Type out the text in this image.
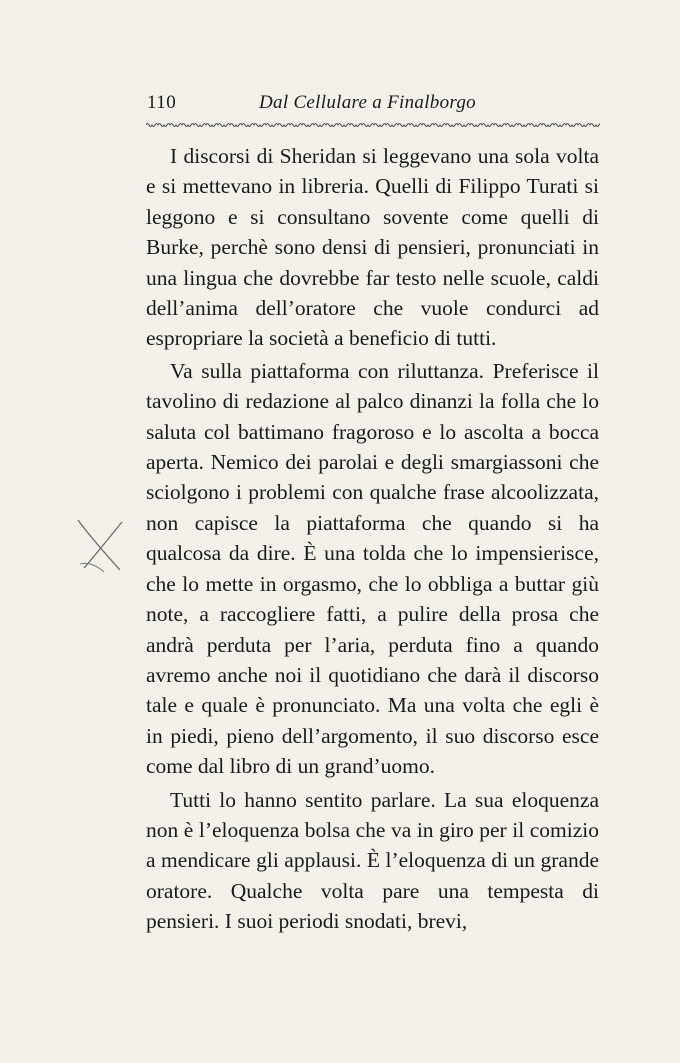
110	Dal Cellulare a Finalborgo

I discorsi di Sheridan si leggevano una sola volta e si mettevano in libreria. Quelli di Filippo Turati si leggono e si consultano sovente come quelli di Burke, perchè sono densi di pensieri, pronunciati in una lingua che dovrebbe far testo nelle scuole, caldi dell’anima dell’oratore che vuole condurci ad espropriare la società a beneficio di tutti.

Va sulla piattaforma con riluttanza. Preferisce il tavolino di redazione al palco dinanzi la folla che lo saluta col battimano fragoroso e lo ascolta a bocca aperta. Nemico dei parolai e degli smargiassoni che sciolgono i problemi con qualche frase alcoolizzata, non capisce la piattaforma che quando si ha qualcosa da dire. È una tolda che lo impensierisce, che lo mette in orgasmo, che lo obbliga a buttar giù note, a raccogliere fatti, a pulire della prosa che andrà perduta per l’aria, perduta fino a quando avremo anche noi il quotidiano che darà il discorso tale e quale è pronunciato. Ma una volta che egli è in piedi, pieno dell’argomento, il suo discorso esce come dal libro di un grand’uomo.

Tutti lo hanno sentito parlare. La sua eloquenza non è l’eloquenza bolsa che va in giro per il comizio a mendicare gli applausi. È l’eloquenza di un grande oratore. Qualche volta pare una tempesta di pensieri. I suoi periodi snodati, brevi,
